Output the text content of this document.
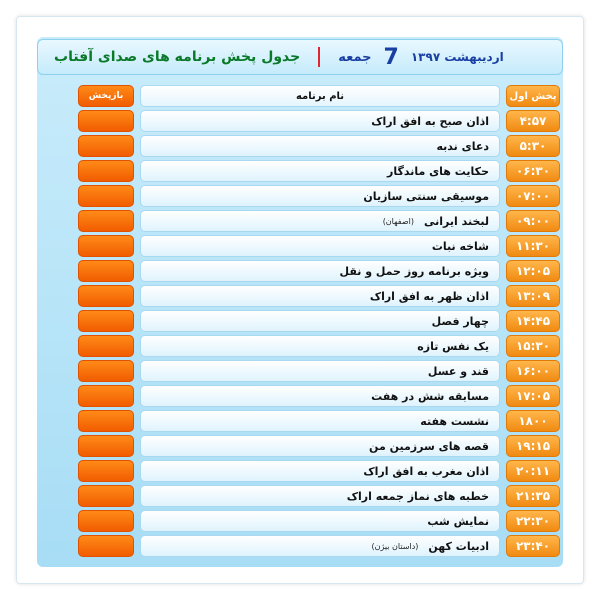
جدول پخش برنامه های صدای آفتاب	جمعه 7 اردیبهشت ۱۳۹۷
پخش اول
نام برنامه
بازپخش
۴:۵۷
اذان صبح به افق اراک
۵:۳۰
دعای ندبه
۰۶:۳۰
حکایت های ماندگار
۰۷:۰۰
موسیقی سنتی سازیان
۰۹:۰۰
لبخند ایرانی
(اصفهان)
۱۱:۳۰
شاخه نبات
۱۲:۰۵
ویژه برنامه روز حمل و نقل
۱۳:۰۹
اذان ظهر به افق اراک
۱۴:۴۵
چهار فصل
۱۵:۳۰
یک نفس تازه
۱۶:۰۰
قند و عسل
۱۷:۰۵
مسابقه شش در هفت
۱۸۰۰
نشست هفته
۱۹:۱۵
قصه های سرزمین من
۲۰:۱۱
اذان مغرب به افق اراک
۲۱:۳۵
خطبه های نماز جمعه اراک
۲۲:۳۰
نمایش شب
۲۳:۴۰
ادبیات کهن
(داستان بیژن)
